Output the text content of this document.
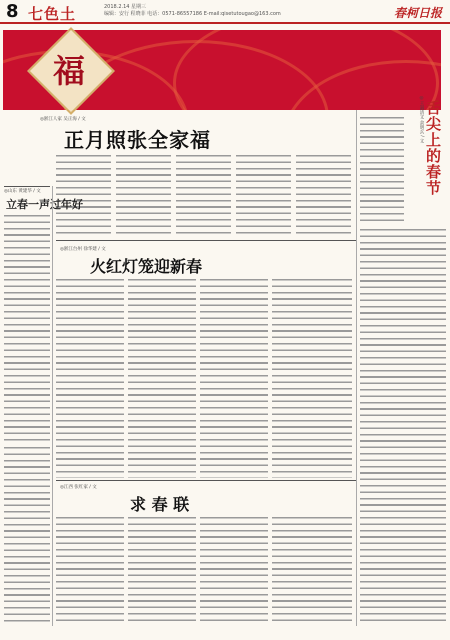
8 七色土	2018.2.14 星期三
编辑：安行 程晓菲 电话：0571-86557186 E-mail:qisetutougao@163.com	春柯日报
福
◎浙江人家 吴正海 / 文
正月照张全家福
◎山东 黄建华 / 文
立春一声过年好
◎浙江台州 徐华建 / 文
火红灯笼迎新春
◎江西 张红家 / 文
求 春 联
◎王淑清文 余明兵 / 文 舌尖上的春节
